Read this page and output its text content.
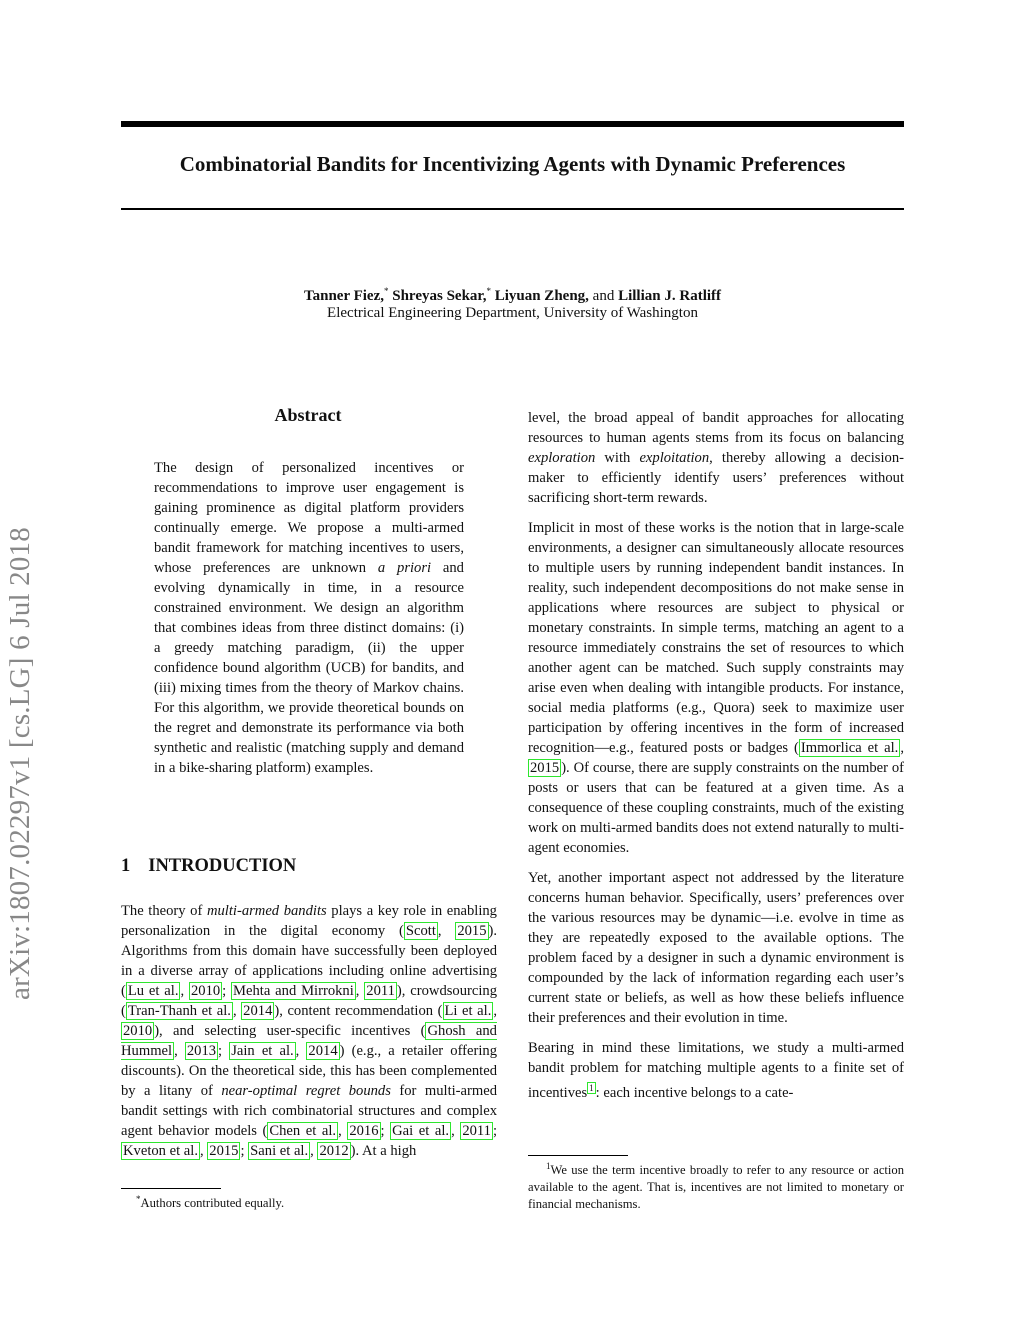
arXiv:1807.02297v1 [cs.LG] 6 Jul 2018
Combinatorial Bandits for Incentivizing Agents with Dynamic Preferences
Tanner Fiez,* Shreyas Sekar,* Liyuan Zheng, and Lillian J. Ratliff
Electrical Engineering Department, University of Washington
Abstract
The design of personalized incentives or recommendations to improve user engagement is gaining prominence as digital platform providers continually emerge. We propose a multi-armed bandit framework for matching incentives to users, whose preferences are unknown a priori and evolving dynamically in time, in a resource constrained environment. We design an algorithm that combines ideas from three distinct domains: (i) a greedy matching paradigm, (ii) the upper confidence bound algorithm (UCB) for bandits, and (iii) mixing times from the theory of Markov chains. For this algorithm, we provide theoretical bounds on the regret and demonstrate its performance via both synthetic and realistic (matching supply and demand in a bike-sharing platform) examples.
1 INTRODUCTION

The theory of multi-armed bandits plays a key role in enabling personalization in the digital economy ( Scott , 2015 ). Algorithms from this domain have successfully been deployed in a diverse array of applications including online advertising ( Lu et al. , 2010 ; Mehta and Mirrokni , 2011 ), crowdsourcing ( Tran-Thanh et al. , 2014 ), content recommendation ( Li et al. , 2010 ), and selecting user-specific incentives ( Ghosh and Hummel , 2013 ; Jain et al. , 2014 ) (e.g., a retailer offering discounts). On the theoretical side, this has been complemented by a litany of near-optimal regret bounds for multi-armed bandit settings with rich combinatorial structures and complex agent behavior models ( Chen et al. , 2016 ; Gai et al. , 2011 ; Kveton et al. , 2015 ; Sani et al. , 2012 ). At a high

*Authors contributed equally.

level, the broad appeal of bandit approaches for allocating resources to human agents stems from its focus on balancing exploration with exploitation, thereby allowing a decision-maker to efficiently identify users’ preferences without sacrificing short-term rewards.

Implicit in most of these works is the notion that in large-scale environments, a designer can simultaneously allocate resources to multiple users by running independent bandit instances. In reality, such independent decompositions do not make sense in applications where resources are subject to physical or monetary constraints. In simple terms, matching an agent to a resource immediately constrains the set of resources to which another agent can be matched. Such supply constraints may arise even when dealing with intangible products. For instance, social media platforms (e.g., Quora) seek to maximize user participation by offering incentives in the form of increased recognition—e.g., featured posts or badges ( Immorlica et al. , 2015 ). Of course, there are supply constraints on the number of posts or users that can be featured at a given time. As a consequence of these coupling constraints, much of the existing work on multi-armed bandits does not extend naturally to multi-agent economies.

Yet, another important aspect not addressed by the literature concerns human behavior. Specifically, users’ preferences over the various resources may be dynamic—i.e. evolve in time as they are repeatedly exposed to the available options. The problem faced by a designer in such a dynamic environment is compounded by the lack of information regarding each user’s current state or beliefs, as well as how these beliefs influence their preferences and their evolution in time.

Bearing in mind these limitations, we study a multi-armed bandit problem for matching multiple agents to a finite set of incentives $^1$ : each incentive belongs to a cate-

$^1$We use the term incentive broadly to refer to any resource or action available to the agent. That is, incentives are not limited to monetary or financial mechanisms.
